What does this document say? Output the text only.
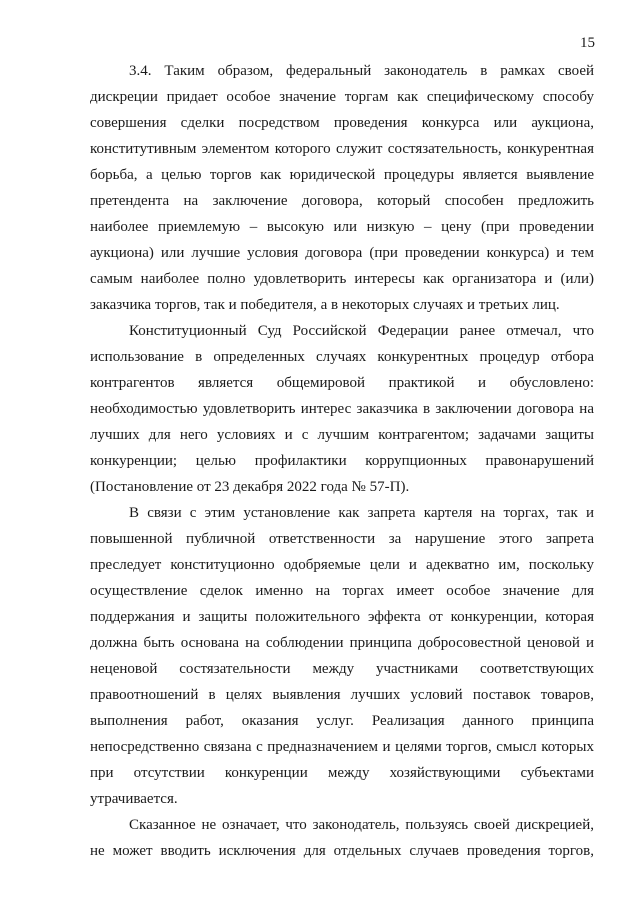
15
3.4. Таким образом, федеральный законодатель в рамках своей
дискреции придает особое значение торгам как специфическому способу
совершения сделки посредством проведения конкурса или аукциона,
конститутивным элементом которого служит состязательность, конкурентная
борьба, а целью торгов как юридической процедуры является выявление
претендента на заключение договора, который способен предложить
наиболее приемлемую – высокую или низкую – цену (при проведении
аукциона) или лучшие условия договора (при проведении конкурса) и тем
самым наиболее полно удовлетворить интересы как организатора и (или)
заказчика торгов, так и победителя, а в некоторых случаях и третьих лиц.
Конституционный Суд Российской Федерации ранее отмечал, что
использование в определенных случаях конкурентных процедур отбора
контрагентов является общемировой практикой и обусловлено:
необходимостью удовлетворить интерес заказчика в заключении договора на
лучших для него условиях и с лучшим контрагентом; задачами защиты
конкуренции; целью профилактики коррупционных правонарушений
(Постановление от 23 декабря 2022 года № 57-П).
В связи с этим установление как запрета картеля на торгах, так и
повышенной публичной ответственности за нарушение этого запрета
преследует конституционно одобряемые цели и адекватно им, поскольку
осуществление сделок именно на торгах имеет особое значение для
поддержания и защиты положительного эффекта от конкуренции, которая
должна быть основана на соблюдении принципа добросовестной ценовой и
неценовой состязательности между участниками соответствующих
правоотношений в целях выявления лучших условий поставок товаров,
выполнения работ, оказания услуг. Реализация данного принципа
непосредственно связана с предназначением и целями торгов, смысл которых
при отсутствии конкуренции между хозяйствующими субъектами
утрачивается.
Сказанное не означает, что законодатель, пользуясь своей дискрецией,
не может вводить исключения для отдельных случаев проведения торгов,
